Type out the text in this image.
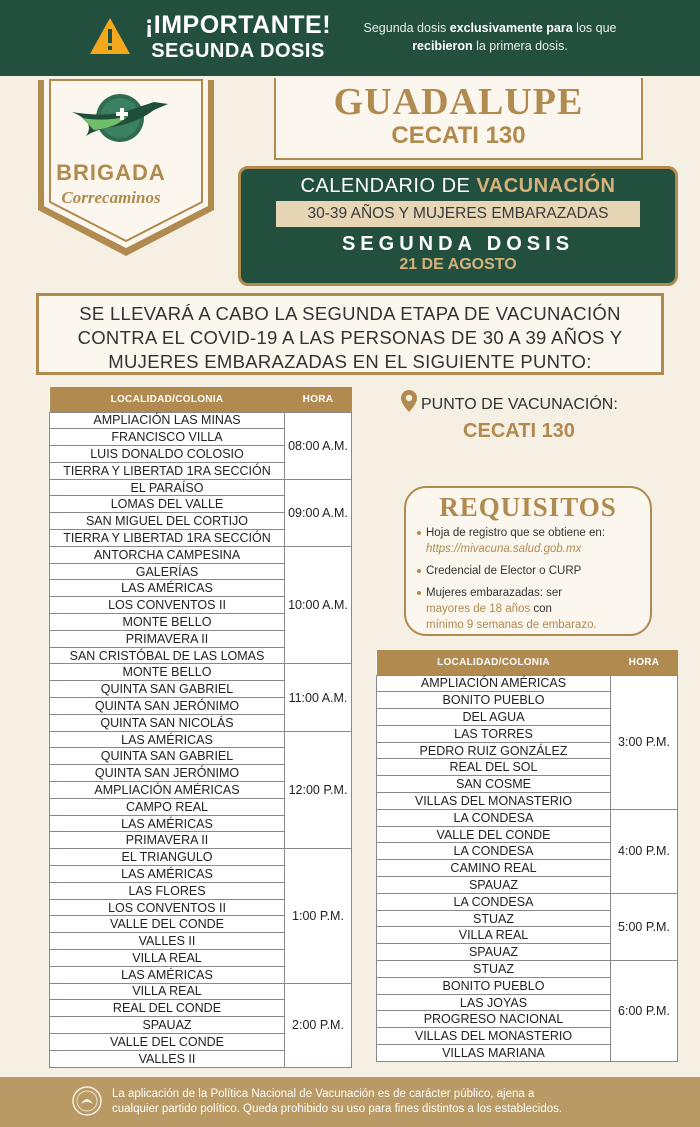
¡IMPORTANTE!
SEGUNDA DOSIS
Segunda dosis exclusivamente para los que
recibieron la primera dosis.
BRIGADA
Correcaminos
GUADALUPE
CECATI 130
CALENDARIO DE VACUNACIÓN
30-39 AÑOS Y MUJERES EMBARAZADAS
SEGUNDA DOSIS
21 DE AGOSTO
SE LLEVARÁ A CABO LA SEGUNDA ETAPA DE VACUNACIÓN
CONTRA EL COVID-19 A LAS PERSONAS DE 30 A 39 AÑOS Y
MUJERES EMBARAZADAS EN EL SIGUIENTE PUNTO:
LOCALIDAD/COLONIA	HORA
AMPLIACIÓN LAS MINAS	08:00 A.M.
FRANCISCO VILLA	
LUIS DONALDO COLOSIO	
TIERRA Y LIBERTAD 1RA SECCIÓN	
EL PARAÍSO	09:00 A.M.
LOMAS DEL VALLE	
SAN MIGUEL DEL CORTIJO	
TIERRA Y LIBERTAD 1RA SECCIÓN	
ANTORCHA CAMPESINA	10:00 A.M.
GALERÍAS	
LAS AMÉRICAS	
LOS CONVENTOS II	
MONTE BELLO	
PRIMAVERA II	
SAN CRISTÓBAL DE LAS LOMAS	
MONTE BELLO	11:00 A.M.
QUINTA SAN GABRIEL	
QUINTA SAN JERÓNIMO	
QUINTA SAN NICOLÁS	
LAS AMÉRICAS	12:00 P.M.
QUINTA SAN GABRIEL	
QUINTA SAN JERÓNIMO	
AMPLIACIÓN AMÉRICAS	
CAMPO REAL	
LAS AMÉRICAS	
PRIMAVERA II	
EL TRIANGULO	1:00 P.M.
LAS AMÉRICAS	
LAS FLORES	
LOS CONVENTOS II	
VALLE DEL CONDE	
VALLES II	
VILLA REAL	
LAS AMÉRICAS	
VILLA REAL	2:00 P.M.
REAL DEL CONDE	
SPAUAZ	
VALLE DEL CONDE	
VALLES II	
PUNTO DE VACUNACIÓN:
CECATI 130
REQUISITOS
Hoja de registro que se obtiene en: https://mivacuna.salud.gob.mx
Credencial de Elector o CURP
Mujeres embarazadas: ser
mayores de 18 años con
mínimo 9 semanas de embarazo.
LOCALIDAD/COLONIA	HORA
AMPLIACIÓN AMÉRICAS	3:00 P.M.
BONITO PUEBLO	
DEL AGUA	
LAS TORRES	
PEDRO RUIZ GONZÁLEZ	
REAL DEL SOL	
SAN COSME	
VILLAS DEL MONASTERIO	
LA CONDESA	4:00 P.M.
VALLE DEL CONDE	
LA CONDESA	
CAMINO REAL	
SPAUAZ	
LA CONDESA	5:00 P.M.
STUAZ	
VILLA REAL	
SPAUAZ	
STUAZ	6:00 P.M.
BONITO PUEBLO	
LAS JOYAS	
PROGRESO NACIONAL	
VILLAS DEL MONASTERIO	
VILLAS MARIANA	
La aplicación de la Política Nacional de Vacunación es de carácter público, ajena a
cualquier partido político. Queda prohibido su uso para fines distintos a los establecidos.
